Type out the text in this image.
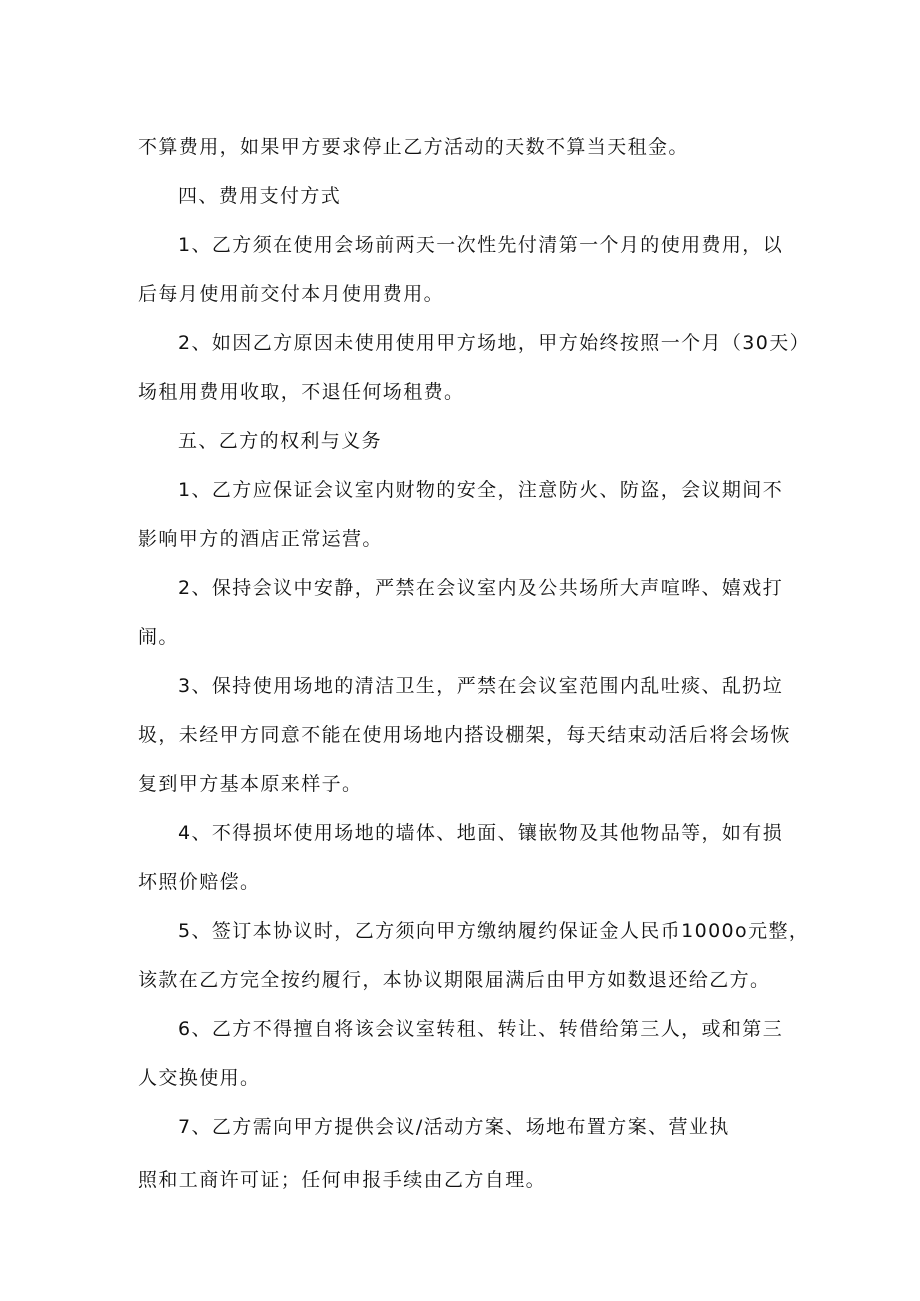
不算费用，如果甲方要求停止乙方活动的天数不算当天租金。
四、费用支付方式
1、乙方须在使用会场前两天一次性先付清第一个月的使用费用，以
后每月使用前交付本月使用费用。
2、如因乙方原因未使用使用甲方场地，甲方始终按照一个月（30天）
场租用费用收取，不退任何场租费。
五、乙方的权利与义务
1、乙方应保证会议室内财物的安全，注意防火、防盗，会议期间不
影响甲方的酒店正常运营。
2、保持会议中安静，严禁在会议室内及公共场所大声喧哗、嬉戏打
闹。
3、保持使用场地的清洁卫生，严禁在会议室范围内乱吐痰、乱扔垃
圾，未经甲方同意不能在使用场地内搭设棚架，每天结束动活后将会场恢
复到甲方基本原来样子。
4、不得损坏使用场地的墙体、地面、镶嵌物及其他物品等，如有损
坏照价赔偿。
5、签订本协议时，乙方须向甲方缴纳履约保证金人民币1000o元整，
该款在乙方完全按约履行，本协议期限届满后由甲方如数退还给乙方。
6、乙方不得擅自将该会议室转租、转让、转借给第三人，或和第三
人交换使用。
7、乙方需向甲方提供会议/活动方案、场地布置方案、营业执
照和工商许可证；任何申报手续由乙方自理。
